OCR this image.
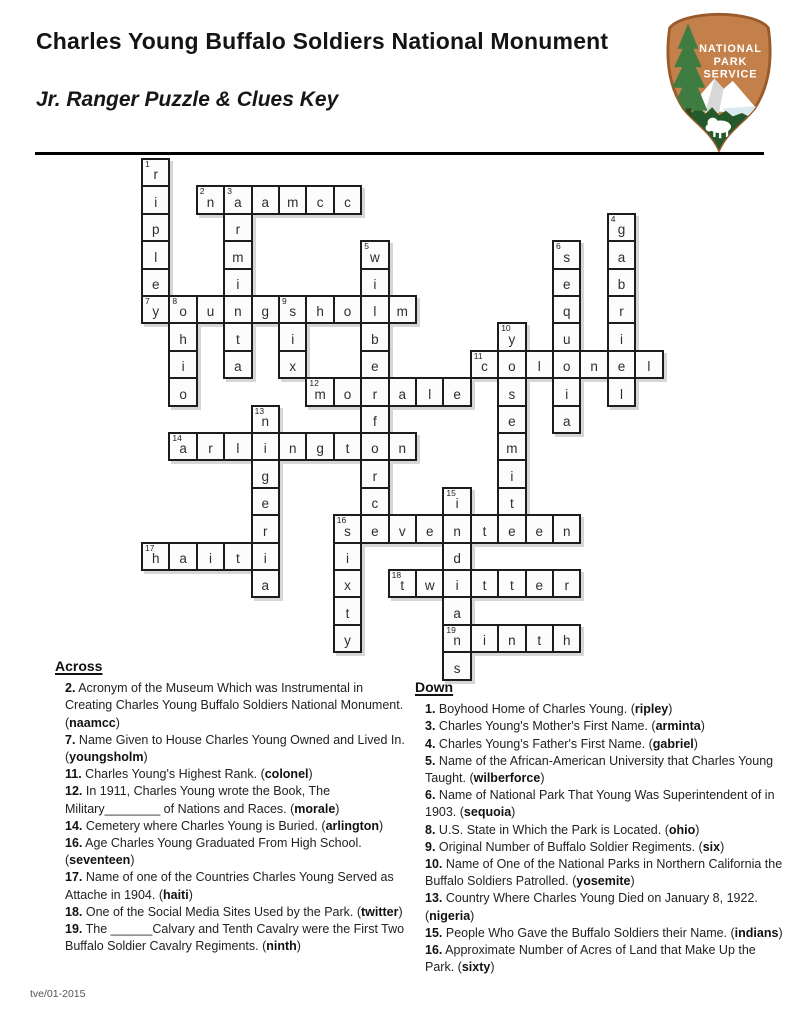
Charles Young Buffalo Soldiers National Monument
Jr. Ranger Puzzle & Clues Key
NATIONAL
PARK
SERVICE
1
r
i
2
n
3
a a m c c
p	r
4
g
l	m
5
w
6
s	a
e	i	i	e	b
7
y
8
o u n g
9
s h o l m	q	r
h	t	i	b
10
y	u	i
i	a	x	e
11
c o l o n e l
o
12
m o r a l e	s	i	l
13
n	f	e	a
14
a r l i n g t o n	m
g	r	i
e	c
15
i	t
r
16
s e v e n t e e n
17
h a i t i	i	d
a	x
18
t w i t t e r
t	a
y
19
n i n t h
s
Across

2. Acronym of the Museum Which was Instrumental in Creating Charles Young Buffalo Soldiers National Monument. (naamcc)

7. Name Given to House Charles Young Owned and Lived In. (youngsholm)

11. Charles Young's Highest Rank. (colonel)

12. In 1911, Charles Young wrote the Book, The Military________ of Nations and Races. (morale)

14. Cemetery where Charles Young is Buried. (arlington)

16. Age Charles Young Graduated From High School. (seventeen)

17. Name of one of the Countries Charles Young Served as Attache in 1904. (haiti)

18. One of the Social Media Sites Used by the Park. (twitter)

19. The ______Calvary and Tenth Cavalry were the First Two Buffalo Soldier Cavalry Regiments. (ninth)

Down

1. Boyhood Home of Charles Young. (ripley)

3. Charles Young's Mother's First Name. (arminta)

4. Charles Young's Father's First Name. (gabriel)

5. Name of the African-American University that Charles Young Taught. (wilberforce)

6. Name of National Park That Young Was Superintendent of in 1903. (sequoia)

8. U.S. State in Which the Park is Located. (ohio)

9. Original Number of Buffalo Soldier Regiments. (six)

10. Name of One of the National Parks in Northern California the Buffalo Soldiers Patrolled. (yosemite)

13. Country Where Charles Young Died on January 8, 1922. (nigeria)

15. People Who Gave the Buffalo Soldiers their Name. (indians)

16. Approximate Number of Acres of Land that Make Up the Park. (sixty)

tve/01-2015
